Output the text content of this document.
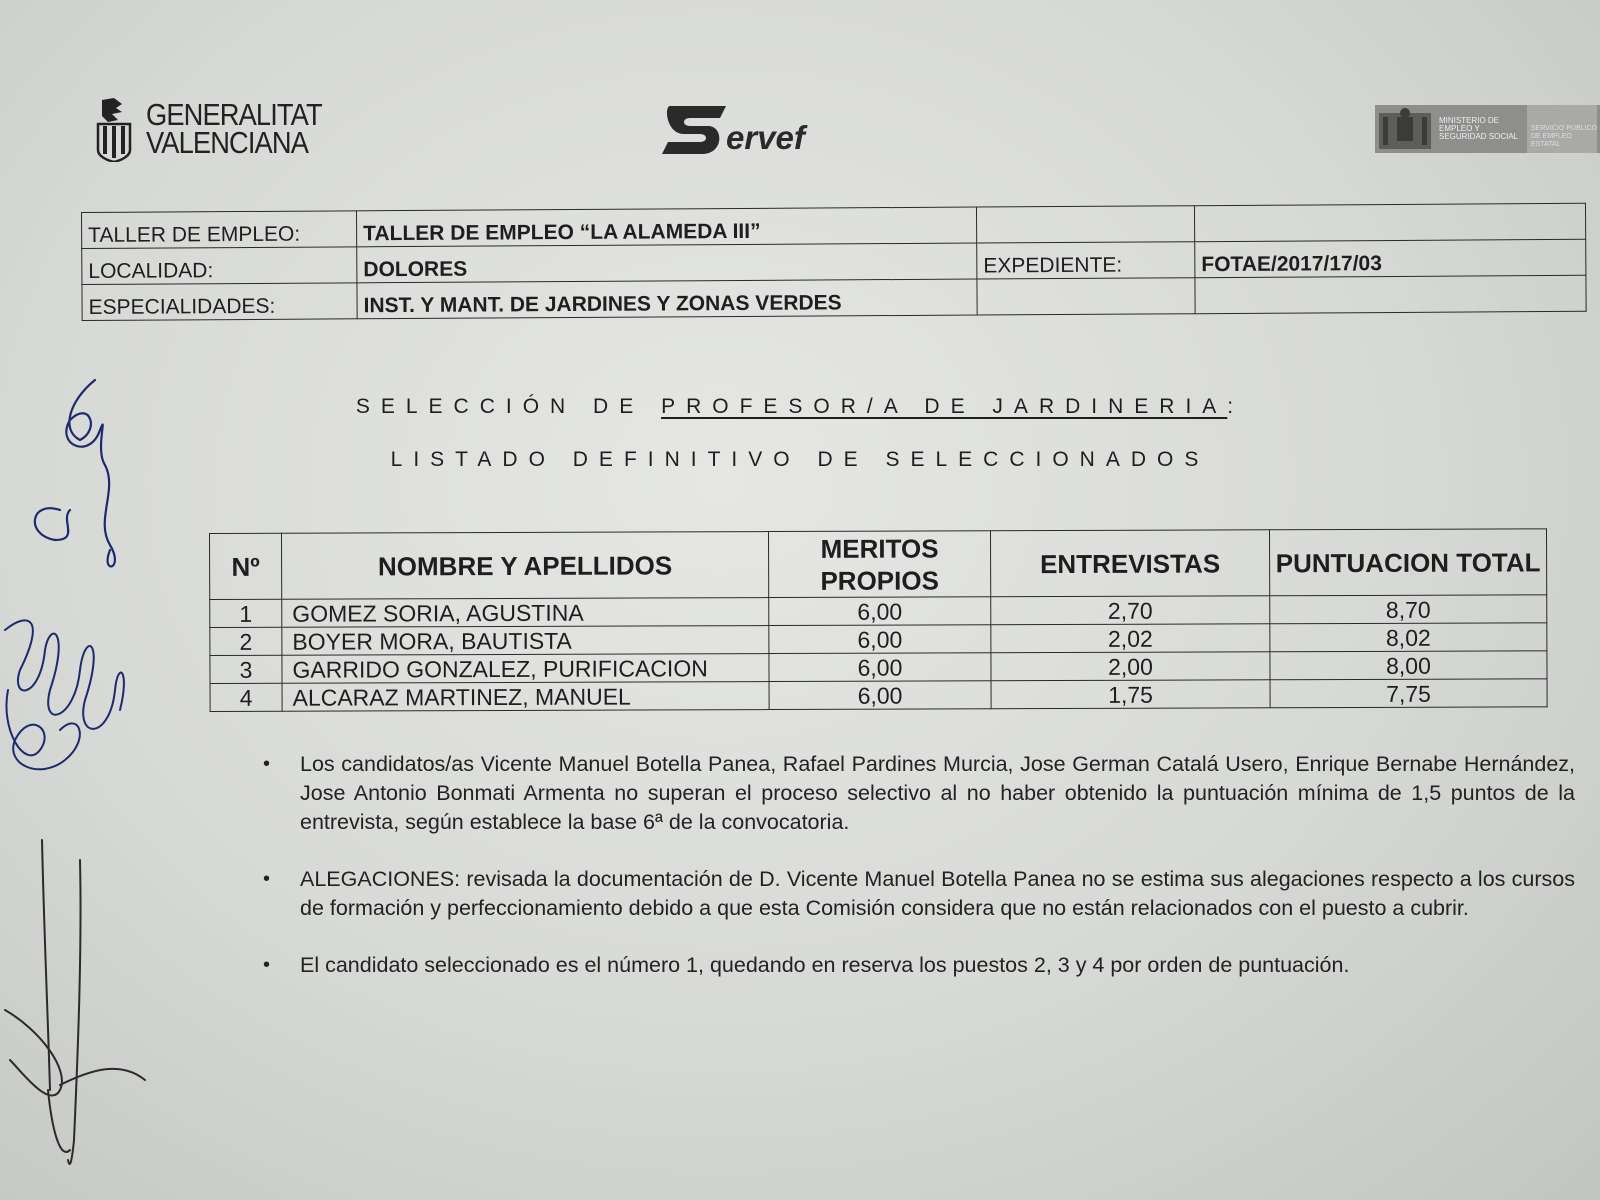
GENERALITAT
VALENCIANA	ervef	MINISTERIO DE EMPLEO Y SEGURIDAD SOCIAL
SERVICIO PÚBLICO DE EMPLEO ESTATAL
TALLER DE EMPLEO:	TALLER DE EMPLEO “LA ALAMEDA III”		
LOCALIDAD:	DOLORES	EXPEDIENTE:	FOTAE/2017/17/03
ESPECIALIDADES:	INST. Y MANT. DE JARDINES Y ZONAS VERDES		
SELECCIÓN DE PROFESOR/A DE JARDINERIA:
LISTADO DEFINITIVO DE SELECCIONADOS
Nº	NOMBRE Y APELLIDOS	MERITOS PROPIOS	ENTREVISTAS	PUNTUACION TOTAL
1	GOMEZ SORIA, AGUSTINA	6,00	2,70	8,70
2	BOYER MORA, BAUTISTA	6,00	2,02	8,02
3	GARRIDO GONZALEZ, PURIFICACION	6,00	2,00	8,00
4	ALCARAZ MARTINEZ, MANUEL	6,00	1,75	7,75
•	Los candidatos/as Vicente Manuel Botella Panea, Rafael Pardines Murcia, Jose German Catalá Usero, Enrique Bernabe Hernández, Jose Antonio Bonmati Armenta no superan el proceso selectivo al no haber obtenido la puntuación mínima de 1,5 puntos de la entrevista, según establece la base 6ª de la convocatoria.
•	ALEGACIONES: revisada la documentación de D. Vicente Manuel Botella Panea no se estima sus alegaciones respecto a los cursos de formación y perfeccionamiento debido a que esta Comisión considera que no están relacionados con el puesto a cubrir.
•	El candidato seleccionado es el número 1, quedando en reserva los puestos 2, 3 y 4 por orden de puntuación.
